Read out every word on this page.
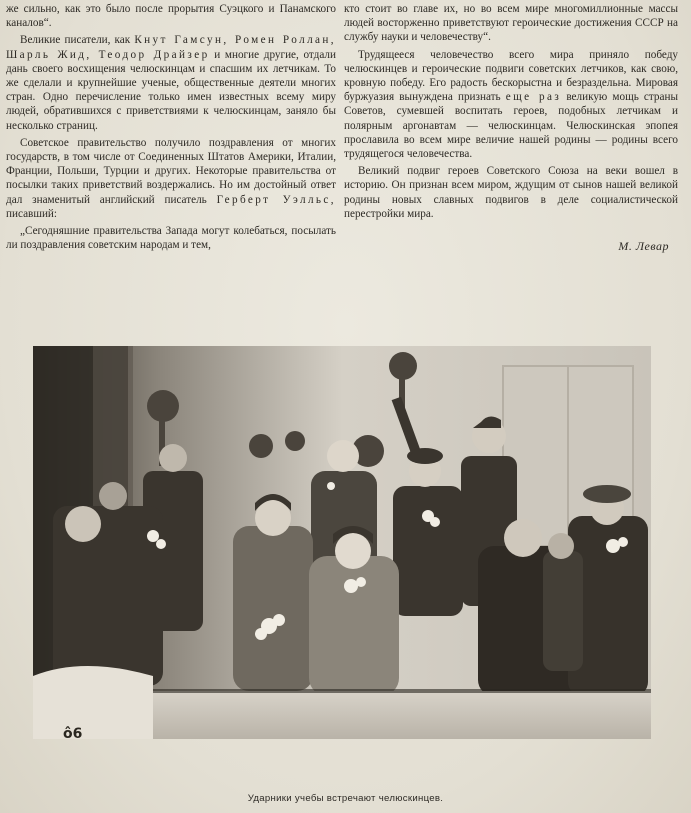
же сильно, как это было после прорытия Суэцкого и Панамского каналов“.

Великие писатели, как Кнут Гамсун, Ромен Роллан, Шарль Жид, Теодор Драйзер и многие другие, отдали дань своего восхищения челюскинцам и спасшим их летчикам. То же сделали и крупнейшие ученые, общественные деятели многих стран. Одно перечисление только имен известных всему миру людей, обратившихся с приветствиями к челюскинцам, заняло бы несколько страниц.

Советское правительство получило поздравления от многих государств, в том числе от Соединенных Штатов Америки, Италии, Франции, Польши, Турции и других. Некоторые правительства от посылки таких приветствий воздержались. Но им достойный ответ дал знаменитый английский писатель Герберт Уэлльс, писавший:

„Сегодняшние правительства Запада могут колебаться, посылать ли поздравления советским народам и тем,

кто стоит во главе их, но во всем мире многомиллионные массы людей восторженно приветствуют героические достижения СССР на службу науки и человечеству“.

Трудящееся человечество всего мира приняло победу челюскинцев и героические подвиги советских летчиков, как свою, кровную победу. Его радость бескорыстна и безраздельна. Мировая буржуазия вынуждена признать еще раз великую мощь страны Советов, сумевшей воспитать героев, подобных летчикам и полярным аргонавтам — челюскинцам. Челюскинская эпопея прославила во всем мире величие нашей родины — родины всего трудящегося человечества.

Великий подвиг героев Советского Союза на веки вошел в историю. Он признан всем миром, ждущим от сынов нашей великой родины новых славных подвигов в деле социалистической перестройки мира.

М. Левар
ô6
Ударники учебы встречают челюскинцев.
